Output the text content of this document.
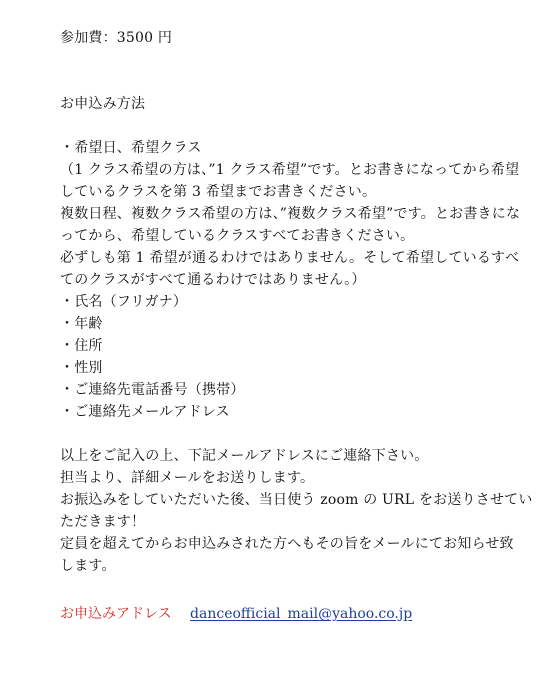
参加費：3500 円
お申込み方法
・希望日、希望クラス
（1 クラス希望の方は、”1 クラス希望”です。とお書きになってから希望
しているクラスを第 3 希望までお書きください。
複数日程、複数クラス希望の方は、”複数クラス希望”です。とお書きにな
ってから、希望しているクラスすべてお書きください。
必ずしも第 1 希望が通るわけではありません。そして希望しているすべ
てのクラスがすべて通るわけではありません。）
・氏名（フリガナ）
・年齢
・住所
・性別
・ご連絡先電話番号（携帯）
・ご連絡先メールアドレス
以上をご記入の上、下記メールアドレスにご連絡下さい。
担当より、詳細メールをお送りします。
お振込みをしていただいた後、当日使う zoom の URL をお送りさせてい
ただきます！
定員を超えてからお申込みされた方へもその旨をメールにてお知らせ致
します。
お申込みアドレス danceofficial_mail@yahoo.co.jp
